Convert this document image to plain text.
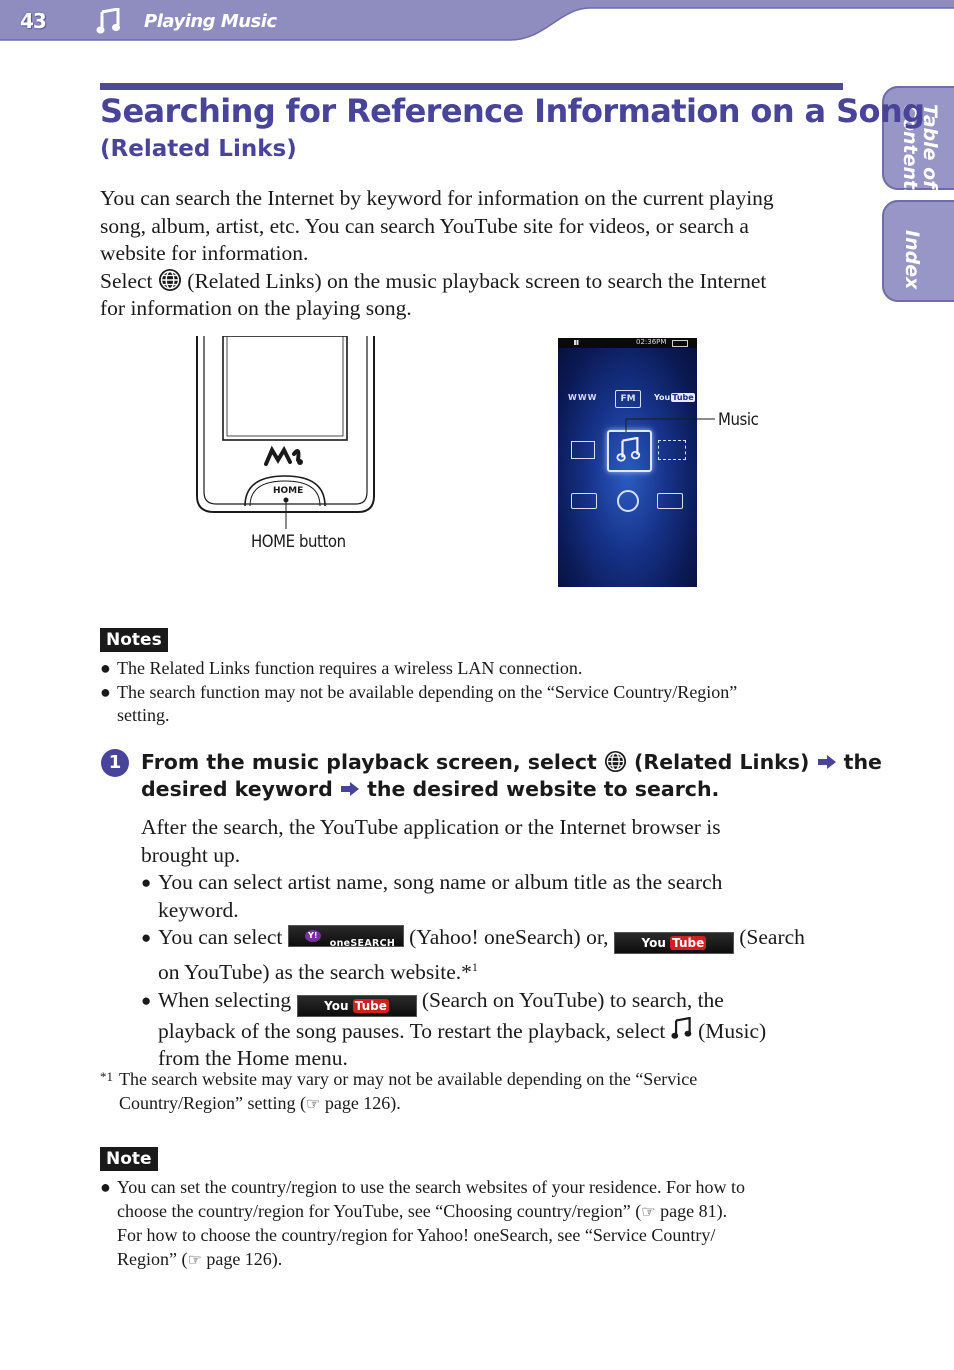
43	Playing Music
Table of
Contents
Index
Searching for Reference Information on a Song
(Related Links)
You can search the Internet by keyword for information on the current playing
song, album, artist, etc. You can search YouTube site for videos, or search a
website for information.
Select (Related Links) on the music playback screen to search the Internet
for information on the playing song.
HOME
HOME button
02:36PM
WWW	FM	You Tube
Music
Notes
● The Related Links function requires a wireless LAN connection.
● The search function may not be available depending on the “Service Country/Region”
setting.
1 From the music playback screen, select (Related Links) the
desired keyword the desired website to search.
After the search, the YouTube application or the Internet browser is
brought up.
● You can select artist name, song name or album title as the search
keyword.
● You can select	Y!
oneSEARCH (Yahoo! oneSearch) or,	You Tube (Search
on YouTube) as the search website.*$^1$
● When selecting	You Tube (Search on YouTube) to search, the
playback of the song pauses. To restart the playback, select (Music)
from the Home menu.
*1 The search website may vary or may not be available depending on the “Service
Country/Region” setting (☞ page 126).
Note
● You can set the country/region to use the search websites of your residence. For how to
choose the country/region for YouTube, see “Choosing country/region” (☞ page 81).
For how to choose the country/region for Yahoo! oneSearch, see “Service Country/
Region” (☞ page 126).
